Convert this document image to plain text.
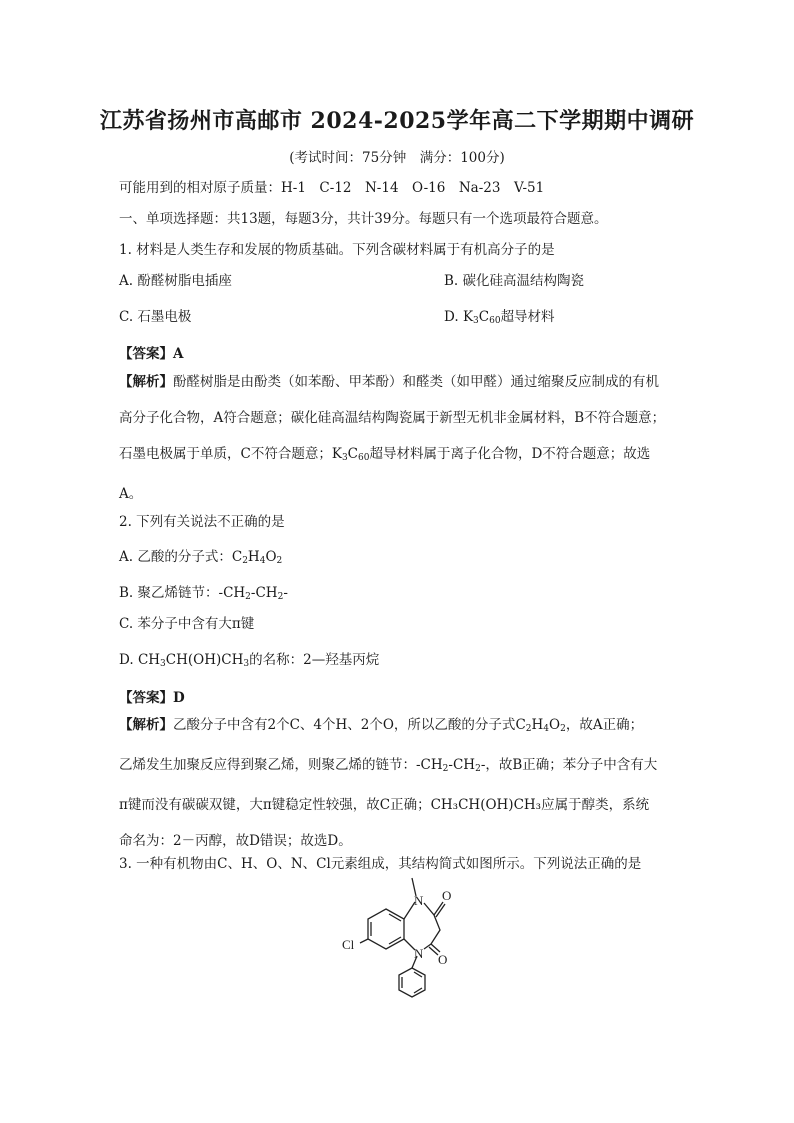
江苏省扬州市高邮市 2024-2025学年高二下学期期中调研
(考试时间：75分钟　满分：100分)
可能用到的相对原子质量：H-1　C-12　N-14　O-16　Na-23　V-51
一、单项选择题：共13题，每题3分，共计39分。每题只有一个选项最符合题意。
1. 材料是人类生存和发展的物质基础。下列含碳材料属于有机高分子的是
A. 酚醛树脂电插座	B. 碳化硅高温结构陶瓷
C. 石墨电极	D. $K_3C_{60}$超导材料
【答案】A
【解析】酚醛树脂是由酚类（如苯酚、甲苯酚）和醛类（如甲醛）通过缩聚反应制成的有机
高分子化合物，A符合题意；碳化硅高温结构陶瓷属于新型无机非金属材料，B不符合题意；
石墨电极属于单质，C不符合题意；$K_3C_{60}$超导材料属于离子化合物，D不符合题意；故选
A。
2. 下列有关说法不正确的是
A. 乙酸的分子式：$C_2H_4O_2$
B. 聚乙烯链节：$-CH_2-CH_2-$
C. 苯分子中含有大π键
D. $CH_3CH(OH)CH_3$的名称：2—羟基丙烷
【答案】D
【解析】乙酸分子中含有2个C、4个H、2个O，所以乙酸的分子式$C_2H_4O_2$，故A正确；
乙烯发生加聚反应得到聚乙烯，则聚乙烯的链节：$-CH_2-CH_2-$，故B正确；苯分子中含有大
π键而没有碳碳双键，大π键稳定性较强，故C正确；CH₃CH(OH)CH₃应属于醇类，系统
命名为：2－丙醇，故D错误；故选D。
3. 一种有机物由C、H、O、N、Cl元素组成，其结构简式如图所示。下列说法正确的是
N
N
O
O
Cl
